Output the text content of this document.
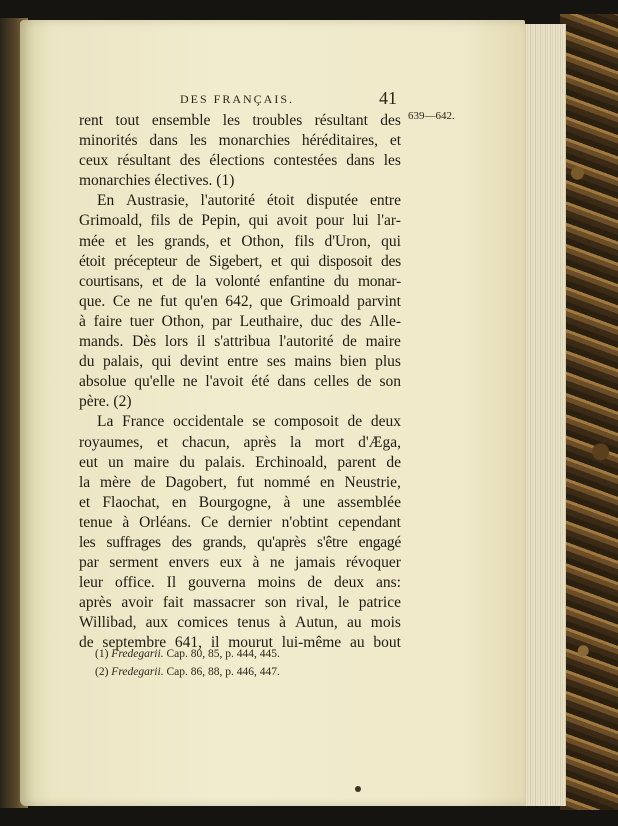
DES FRANÇAIS.	41
639—642.
rent tout ensemble les troubles résultant des
minorités dans les monarchies héréditaires, et
ceux résultant des élections contestées dans les
monarchies électives. (1)
En Austrasie, l'autorité étoit disputée entre
Grimoald, fils de Pepin, qui avoit pour lui l'ar-
mée et les grands, et Othon, fils d'Uron, qui
étoit précepteur de Sigebert, et qui disposoit des
courtisans, et de la volonté enfantine du monar-
que. Ce ne fut qu'en 642, que Grimoald parvint
à faire tuer Othon, par Leuthaire, duc des Alle-
mands. Dès lors il s'attribua l'autorité de maire
du palais, qui devint entre ses mains bien plus
absolue qu'elle ne l'avoit été dans celles de son
père. (2)
La France occidentale se composoit de deux
royaumes, et chacun, après la mort d'Æga,
eut un maire du palais. Erchinoald, parent de
la mère de Dagobert, fut nommé en Neustrie,
et Flaochat, en Bourgogne, à une assemblée
tenue à Orléans. Ce dernier n'obtint cependant
les suffrages des grands, qu'après s'être engagé
par serment envers eux à ne jamais révoquer
leur office. Il gouverna moins de deux ans:
après avoir fait massacrer son rival, le patrice
Willibad, aux comices tenus à Autun, au mois
de septembre 641, il mourut lui-même au bout
(1) Fredegarii. Cap. 80, 85, p. 444, 445.
(2) Fredegarii. Cap. 86, 88, p. 446, 447.
